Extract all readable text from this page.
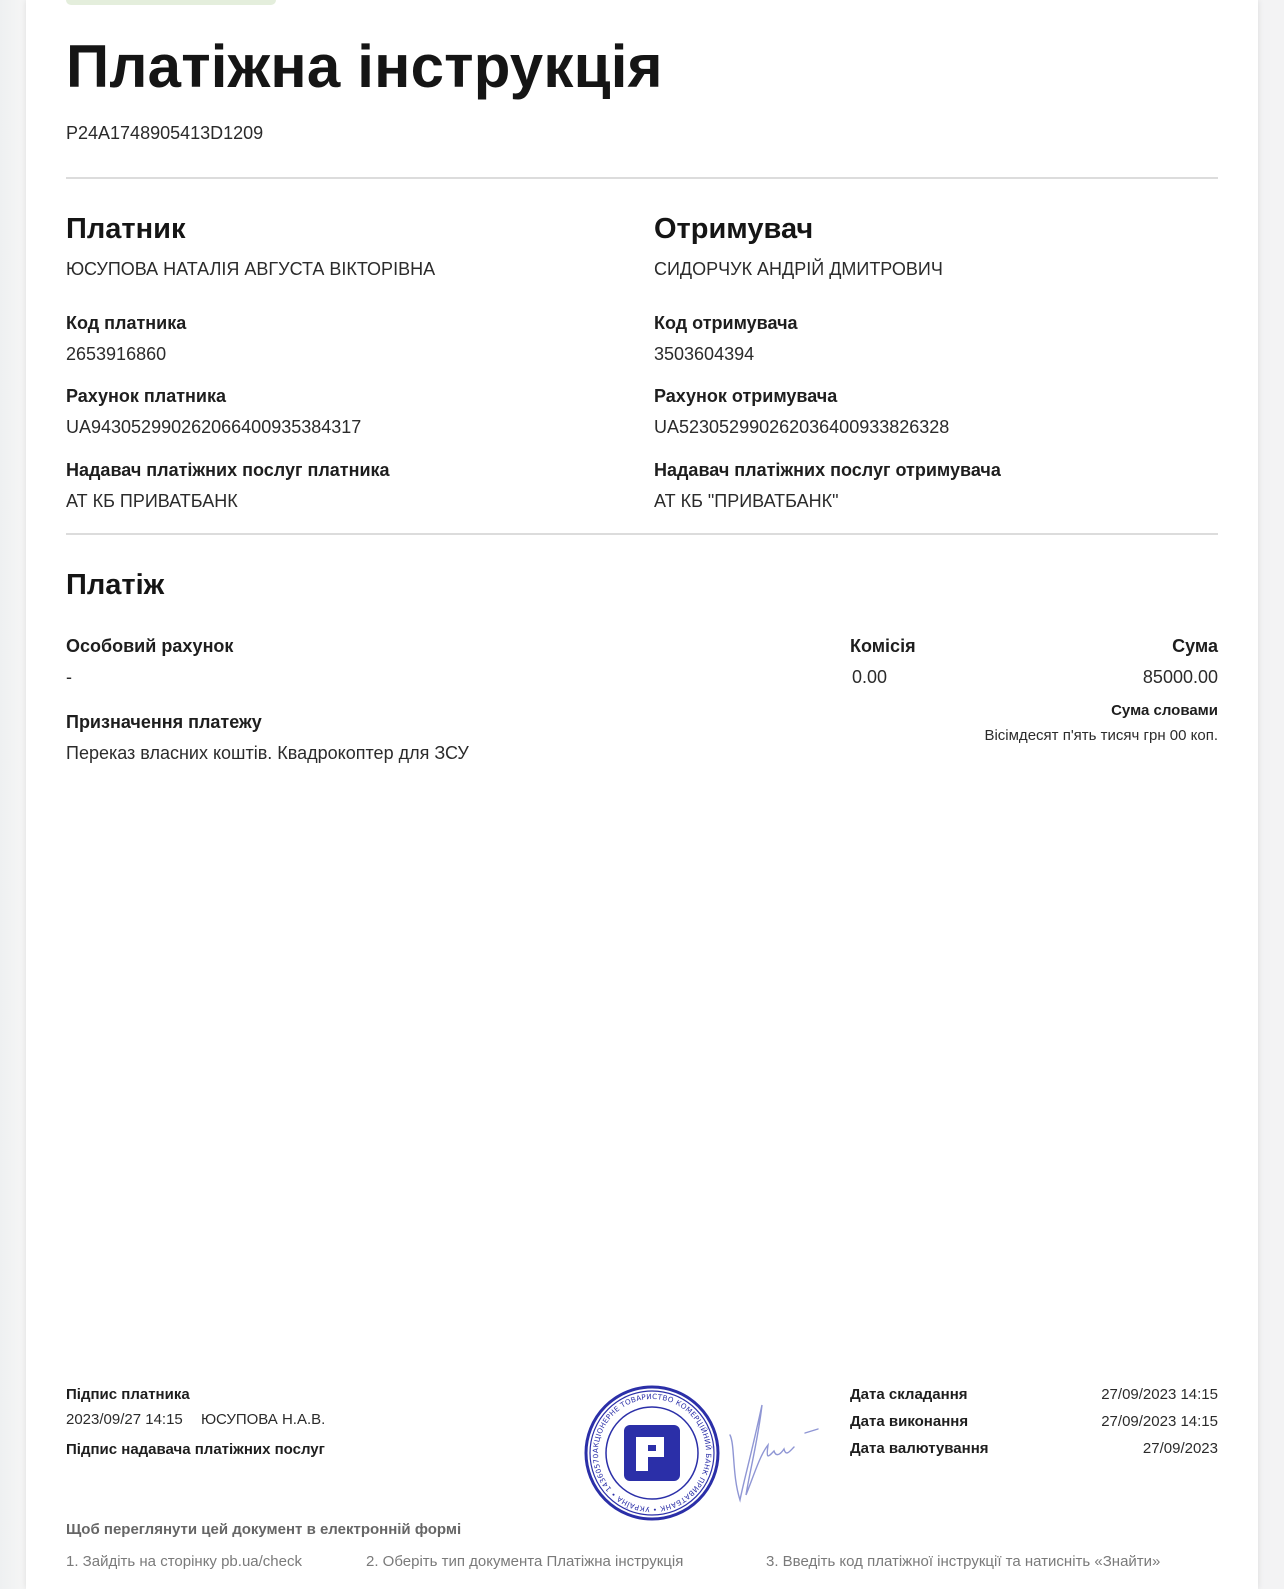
Платіжна інструкція
P24A1748905413D1209
Платник
ЮСУПОВА НАТАЛІЯ АВГУСТА ВІКТОРІВНА
Код платника
2653916860
Рахунок платника
UA943052990262066400935384317
Надавач платіжних послуг платника
АТ КБ ПРИВАТБАНК
Отримувач
СИДОРЧУК АНДРІЙ ДМИТРОВИЧ
Код отримувача
3503604394
Рахунок отримувача
UA523052990262036400933826328
Надавач платіжних послуг отримувача
АТ КБ "ПРИВАТБАНК"
Платіж
Особовий рахунок
-
Комісія
0.00
Сума
85000.00
Призначення платежу
Переказ власних коштів. Квадрокоптер для ЗСУ
Сума словами
Вісімдесят п'ять тисяч грн 00 коп.
Підпис платника
2023/09/27 14:15 ЮСУПОВА Н.А.В.
Підпис надавача платіжних послуг	АКЦІОНЕРНЕ ТОВАРИСТВО КОМЕРЦІЙНИЙ БАНК ПРИВАТБАНК • УКРАЇНА • 14360570
Дата складання	27/09/2023 14:15
Дата виконання	27/09/2023 14:15
Дата валютування	27/09/2023
Щоб переглянути цей документ в електронній формі
1. Зайдіть на сторінку pb.ua/check	2. Оберіть тип документа Платіжна інструкція	3. Введіть код платіжної інструкції та натисніть «Знайти»
